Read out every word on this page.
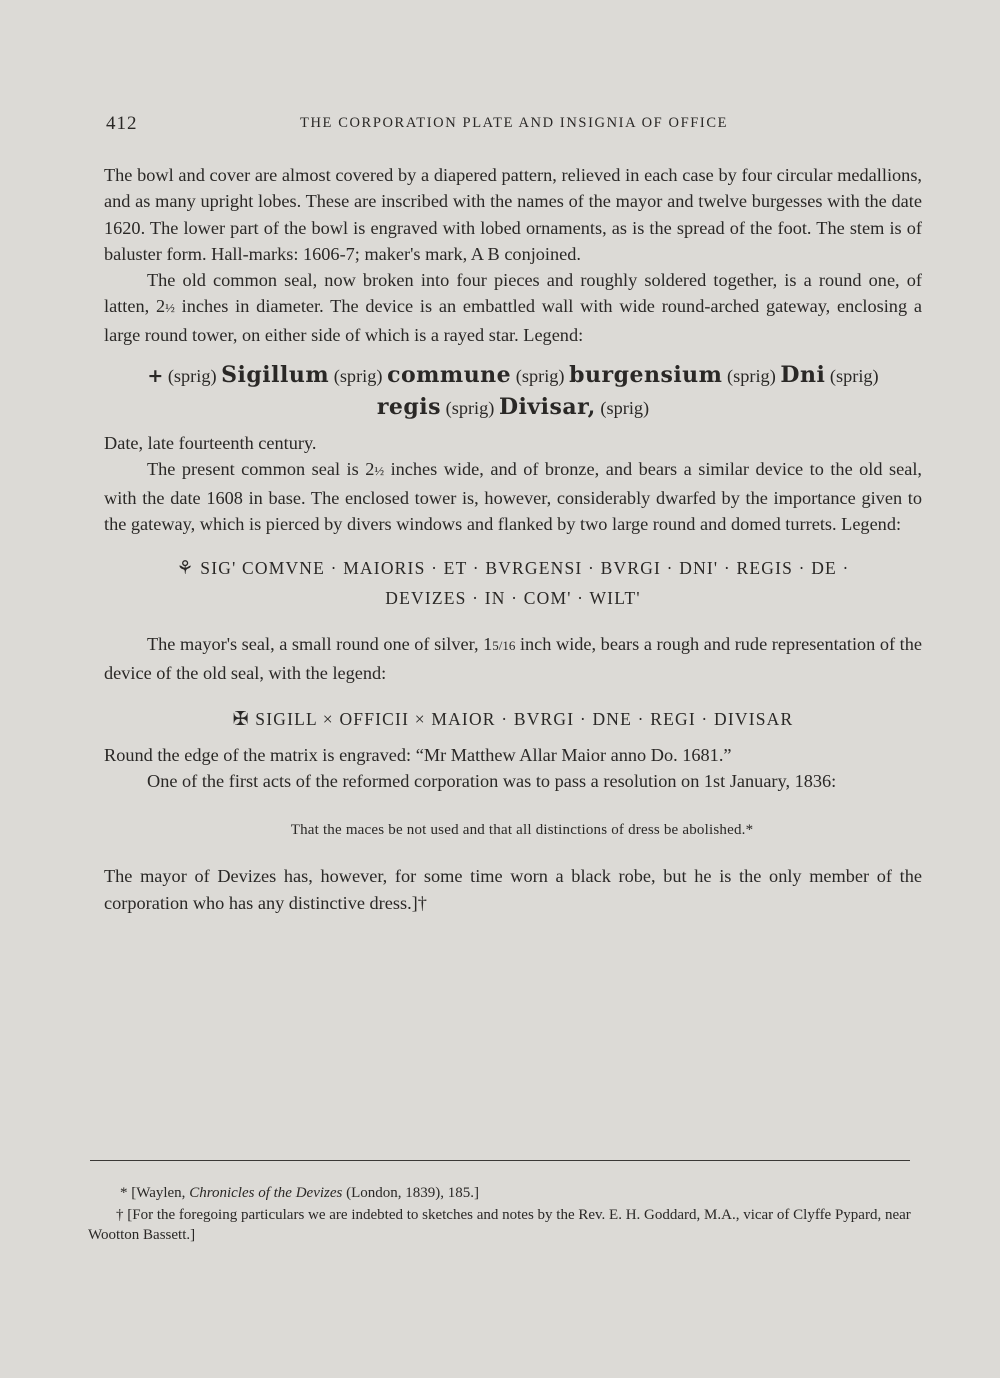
412	THE CORPORATION PLATE AND INSIGNIA OF OFFICE

The bowl and cover are almost covered by a diapered pattern, relieved in each case by four circular medallions, and as many upright lobes. These are inscribed with the names of the mayor and twelve burgesses with the date 1620. The lower part of the bowl is engraved with lobed ornaments, as is the spread of the foot. The stem is of baluster form. Hall-marks: 1606-7; maker's mark, A B conjoined.

The old common seal, now broken into four pieces and roughly soldered together, is a round one, of latten, 2½ inches in diameter. The device is an embattled wall with wide round-arched gateway, enclosing a large round tower, on either side of which is a rayed star. Legend:

+ (sprig) Sigillum (sprig) commune (sprig) burgensium (sprig) Dni (sprig)
regis (sprig) Divisar, (sprig)

Date, late fourteenth century.

The present common seal is 2½ inches wide, and of bronze, and bears a similar device to the old seal, with the date 1608 in base. The enclosed tower is, however, considerably dwarfed by the importance given to the gateway, which is pierced by divers windows and flanked by two large round and domed turrets. Legend:

⚘ SIG' COMVNE · MAIORIS · ET · BVRGENSI · BVRGI · DNI' · REGIS · DE ·
DEVIZES · IN · COM' · WILT'

The mayor's seal, a small round one of silver, 15/16 inch wide, bears a rough and rude representation of the device of the old seal, with the legend:

✠ SIGILL × OFFICII × MAIOR · BVRGI · DNE · REGI · DIVISAR

Round the edge of the matrix is engraved: “Mr Matthew Allar Maior anno Do. 1681.”

One of the first acts of the reformed corporation was to pass a resolution on 1st January, 1836:

That the maces be not used and that all distinctions of dress be abolished.*

The mayor of Devizes has, however, for some time worn a black robe, but he is the only member of the corporation who has any distinctive dress.]†

* [Waylen, Chronicles of the Devizes (London, 1839), 185.]

† [For the foregoing particulars we are indebted to sketches and notes by the Rev. E. H. Goddard, M.A., vicar of Clyffe Pypard, near Wootton Bassett.]
